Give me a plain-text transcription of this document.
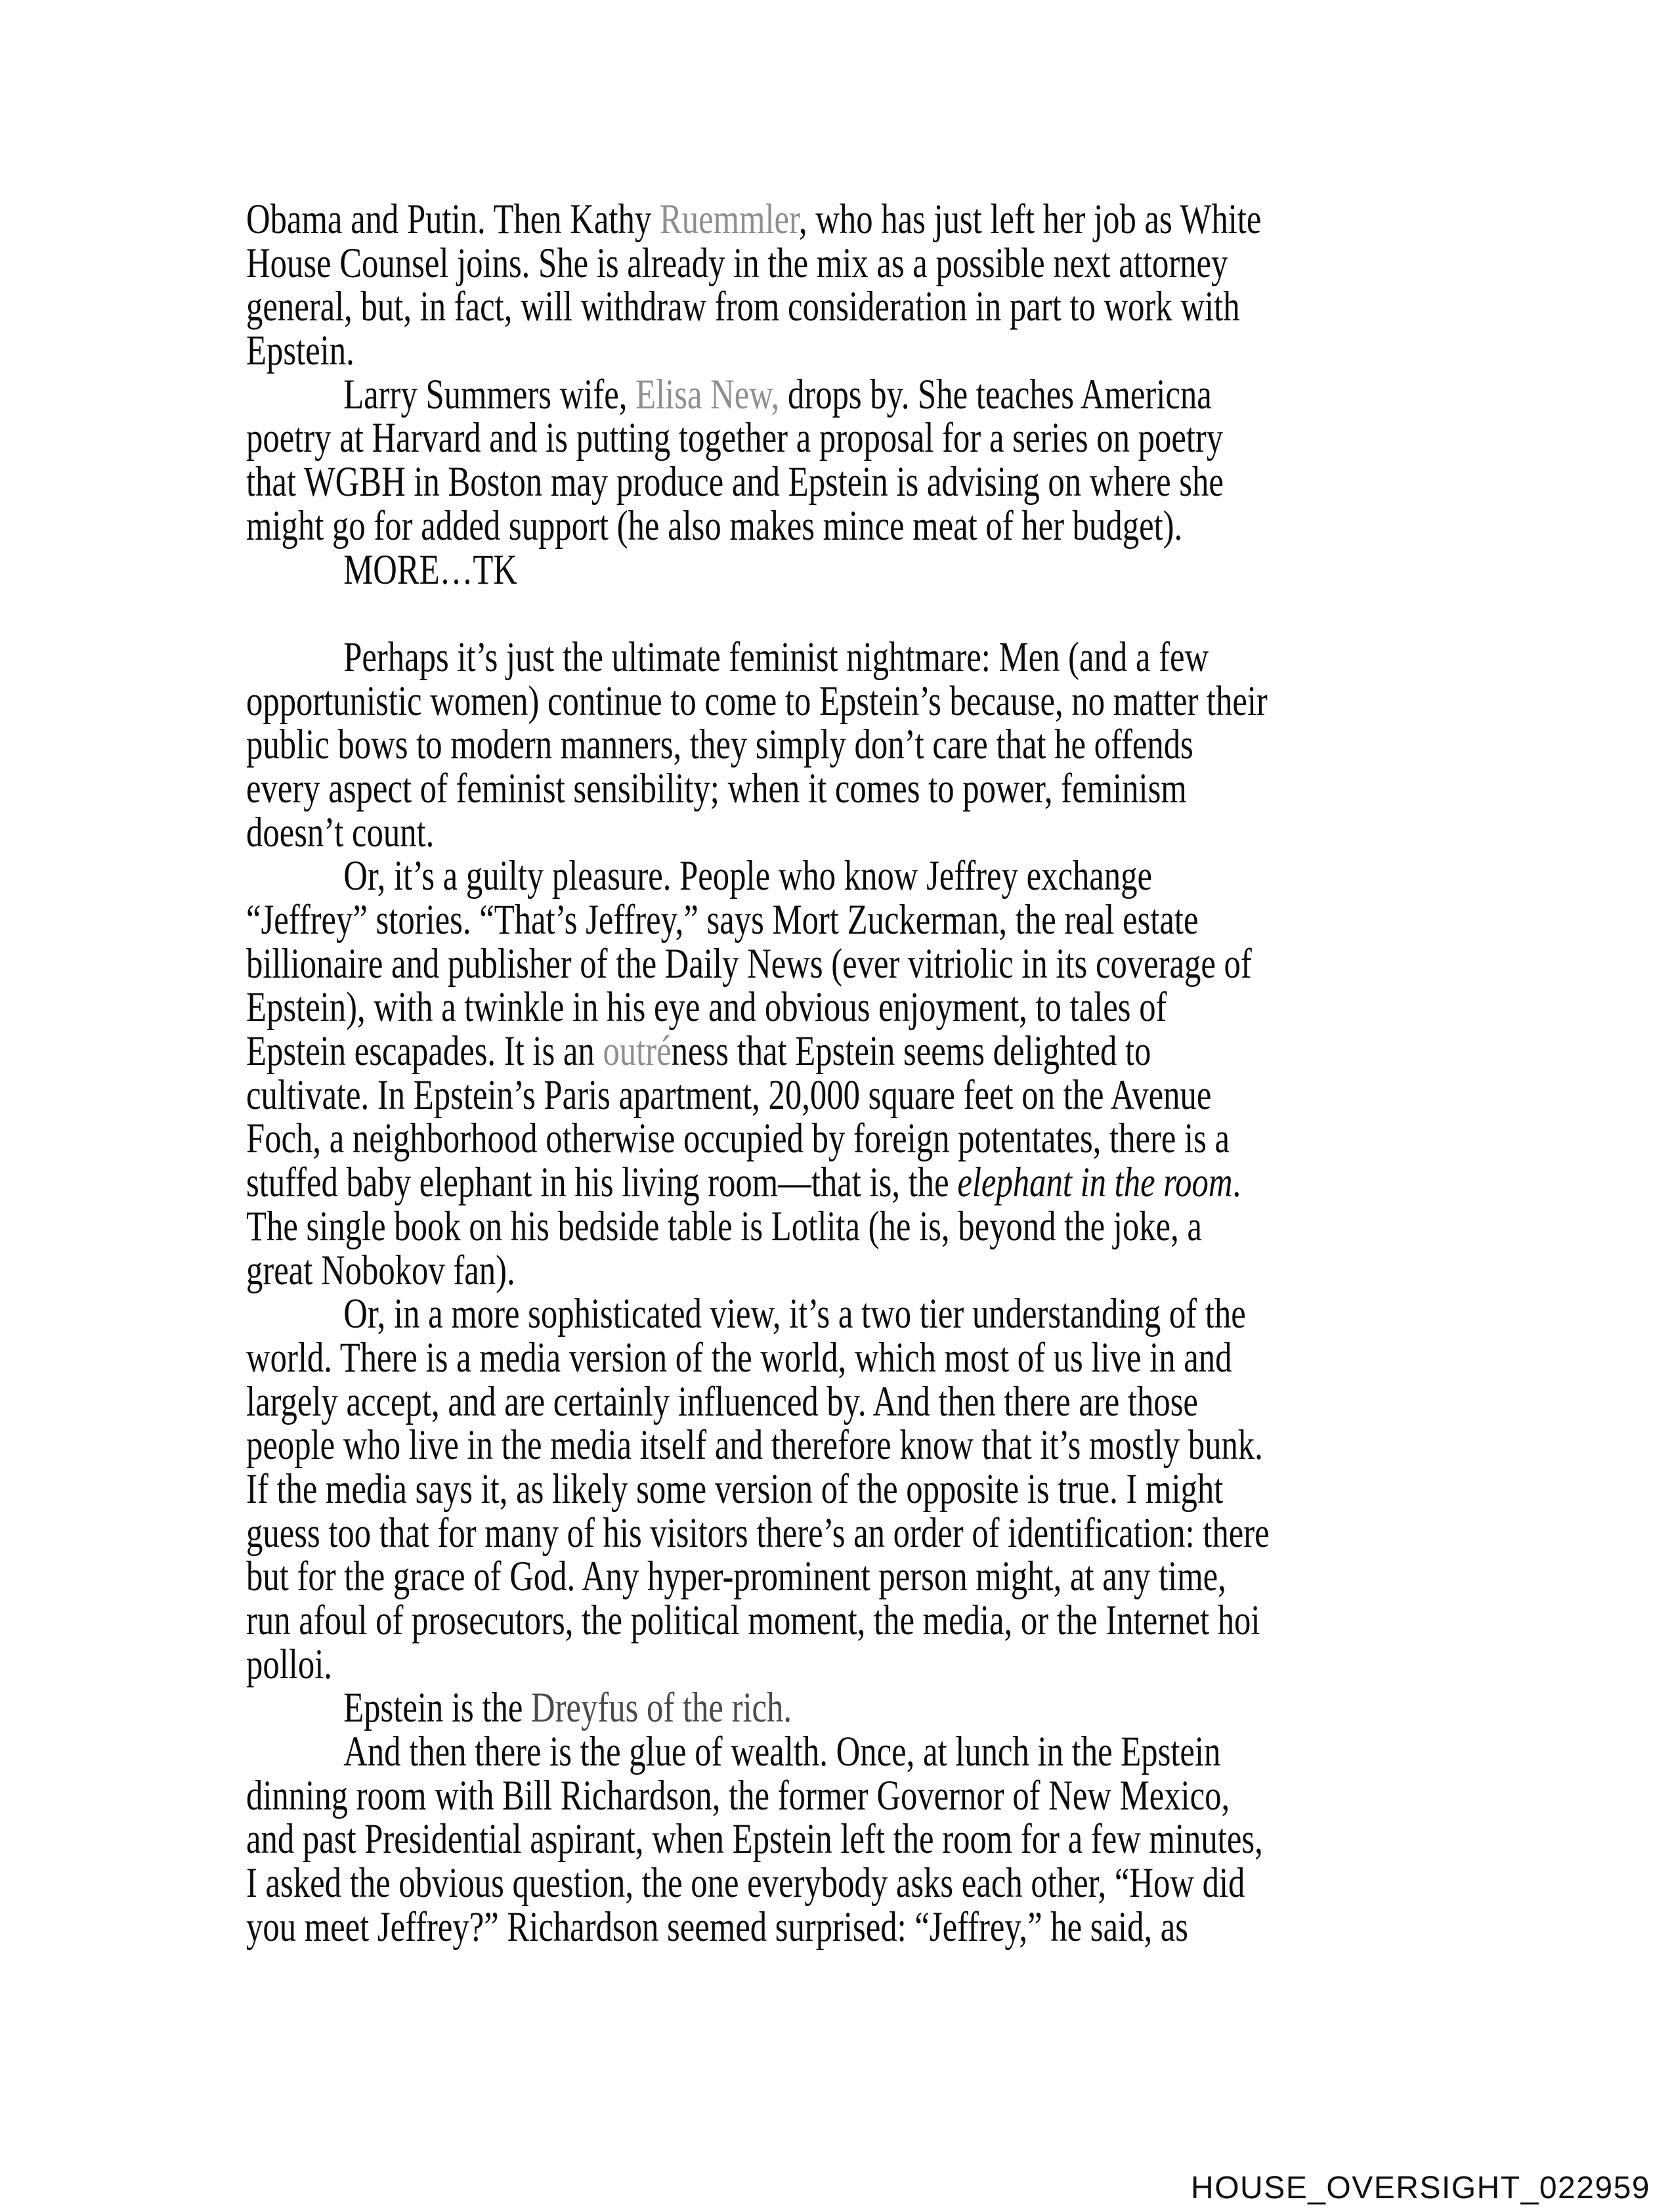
Obama and Putin. Then Kathy Ruemmler, who has just left her job as White
House Counsel joins. She is already in the mix as a possible next attorney
general, but, in fact, will withdraw from consideration in part to work with
Epstein.
Larry Summers wife, Elisa New, drops by. She teaches Americna
poetry at Harvard and is putting together a proposal for a series on poetry
that WGBH in Boston may produce and Epstein is advising on where she
might go for added support (he also makes mince meat of her budget).
MORE…TK
Perhaps it’s just the ultimate feminist nightmare: Men (and a few
opportunistic women) continue to come to Epstein’s because, no matter their
public bows to modern manners, they simply don’t care that he offends
every aspect of feminist sensibility; when it comes to power, feminism
doesn’t count.
Or, it’s a guilty pleasure. People who know Jeffrey exchange
“Jeffrey” stories. “That’s Jeffrey,” says Mort Zuckerman, the real estate
billionaire and publisher of the Daily News (ever vitriolic in its coverage of
Epstein), with a twinkle in his eye and obvious enjoyment, to tales of
Epstein escapades. It is an outréness that Epstein seems delighted to
cultivate. In Epstein’s Paris apartment, 20,000 square feet on the Avenue
Foch, a neighborhood otherwise occupied by foreign potentates, there is a
stuffed baby elephant in his living room—that is, the elephant in the room.
The single book on his bedside table is Lotlita (he is, beyond the joke, a
great Nobokov fan).
Or, in a more sophisticated view, it’s a two tier understanding of the
world. There is a media version of the world, which most of us live in and
largely accept, and are certainly influenced by. And then there are those
people who live in the media itself and therefore know that it’s mostly bunk.
If the media says it, as likely some version of the opposite is true. I might
guess too that for many of his visitors there’s an order of identification: there
but for the grace of God. Any hyper-prominent person might, at any time,
run afoul of prosecutors, the political moment, the media, or the Internet hoi
polloi.
Epstein is the Dreyfus of the rich.
And then there is the glue of wealth. Once, at lunch in the Epstein
dinning room with Bill Richardson, the former Governor of New Mexico,
and past Presidential aspirant, when Epstein left the room for a few minutes,
I asked the obvious question, the one everybody asks each other, “How did
you meet Jeffrey?” Richardson seemed surprised: “Jeffrey,” he said, as
HOUSE_OVERSIGHT_022959
